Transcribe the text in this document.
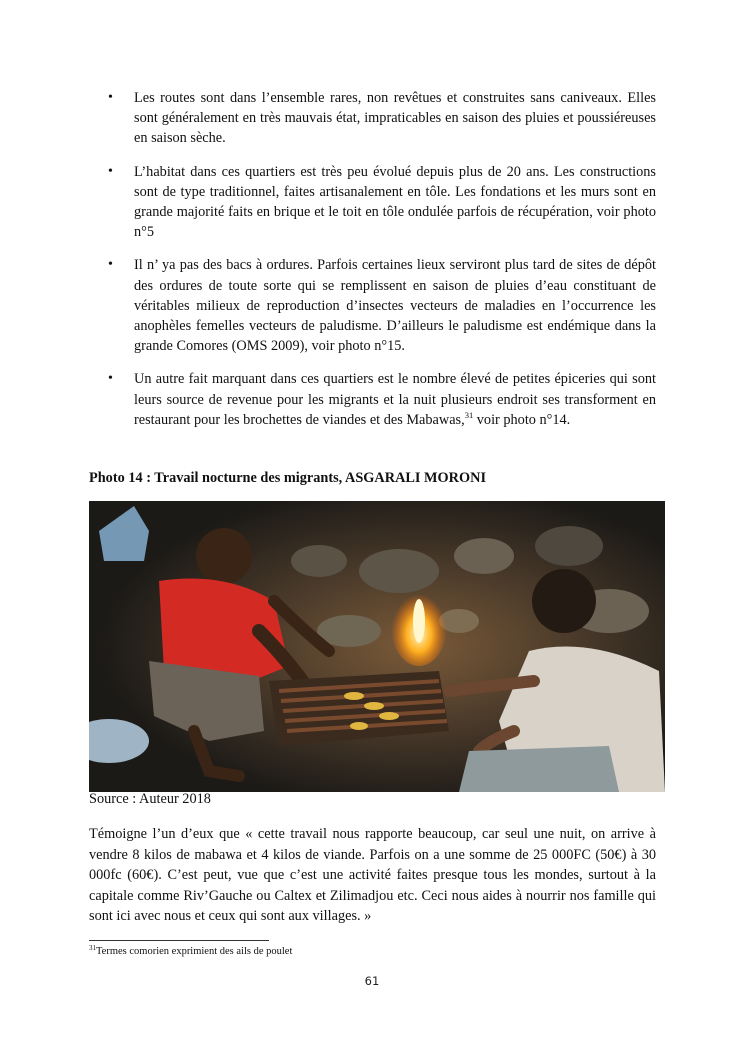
• Les routes sont dans l’ensemble rares, non revêtues et construites sans caniveaux. Elles sont généralement en très mauvais état, impraticables en saison des pluies et poussiéreuses en saison sèche.
• L’habitat dans ces quartiers est très peu évolué depuis plus de 20 ans. Les constructions sont de type traditionnel, faites artisanalement en tôle. Les fondations et les murs sont en grande majorité faits en brique et le toit en tôle ondulée parfois de récupération, voir photo n°5
• Il n’ ya pas des bacs à ordures. Parfois certaines lieux serviront plus tard de sites de dépôt des ordures de toute sorte qui se remplissent en saison de pluies d’eau constituant de véritables milieux de reproduction d’insectes vecteurs de maladies en l’occurrence les anophèles femelles vecteurs de paludisme. D’ailleurs le paludisme est endémique dans la grande Comores (OMS 2009), voir photo n°15.
• Un autre fait marquant dans ces quartiers est le nombre élevé de petites épiceries qui sont leurs source de revenue pour les migrants et la nuit plusieurs endroit ses transforment en restaurant pour les brochettes de viandes et des Mabawas,$^{31}$ voir photo n°14.
Photo 14 : Travail nocturne des migrants, ASGARALI MORONI
Source : Auteur 2018

Témoigne l’un d’eux que « cette travail nous rapporte beaucoup, car seul une nuit, on arrive à vendre 8 kilos de mabawa et 4 kilos de viande. Parfois on a une somme de 25 000FC (50€) à 30 000fc (60€). C’est peut, vue que c’est une activité faites presque tous les mondes, surtout à la capitale comme Riv’Gauche ou Caltex et Zilimadjou etc. Ceci nous aides à nourrir nos famille qui sont ici avec nous et ceux qui sont aux villages. »

$^{31}$Termes comorien exprimient des ails de poulet
61
